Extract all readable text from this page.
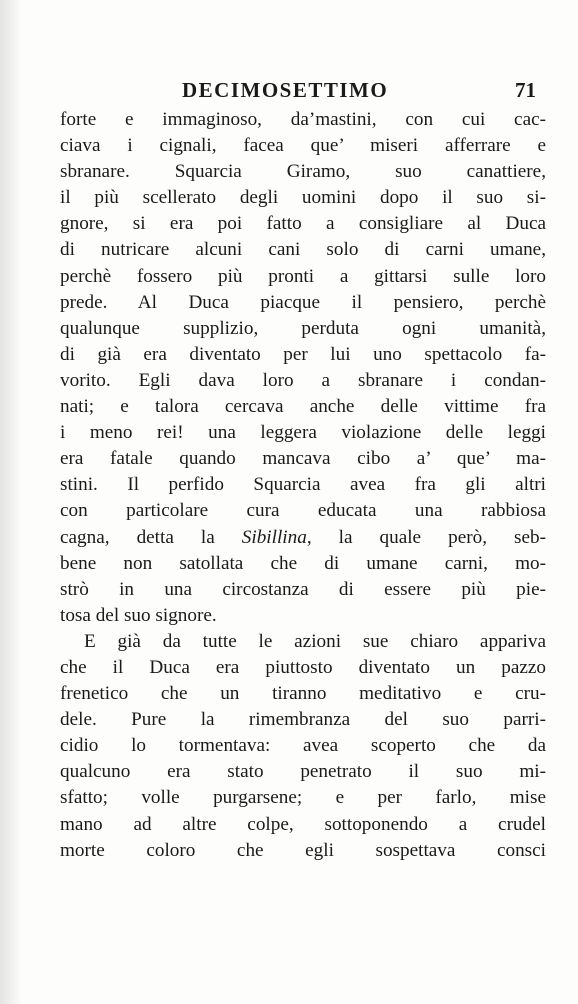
DECIMOSETTIMO	71
forte e immaginoso, da’mastini, con cui cac-
ciava i cignali, facea que’ miseri afferrare e
sbranare. Squarcia Giramo, suo canattiere,
il più scellerato degli uomini dopo il suo si-
gnore, si era poi fatto a consigliare al Duca
di nutricare alcuni cani solo di carni umane,
perchè fossero più pronti a gittarsi sulle loro
prede. Al Duca piacque il pensiero, perchè
qualunque supplizio, perduta ogni umanità,
di già era diventato per lui uno spettacolo fa-
vorito. Egli dava loro a sbranare i condan-
nati; e talora cercava anche delle vittime fra
i meno rei! una leggera violazione delle leggi
era fatale quando mancava cibo a’ que’ ma-
stini. Il perfido Squarcia avea fra gli altri
con particolare cura educata una rabbiosa
cagna, detta la Sibillina, la quale però, seb-
bene non satollata che di umane carni, mo-
strò in una circostanza di essere più pie-
tosa del suo signore.
E già da tutte le azioni sue chiaro appariva
che il Duca era piuttosto diventato un pazzo
frenetico che un tiranno meditativo e cru-
dele. Pure la rimembranza del suo parri-
cidio lo tormentava: avea scoperto che da
qualcuno era stato penetrato il suo mi-
sfatto; volle purgarsene; e per farlo, mise
mano ad altre colpe, sottoponendo a crudel
morte coloro che egli sospettava consci
